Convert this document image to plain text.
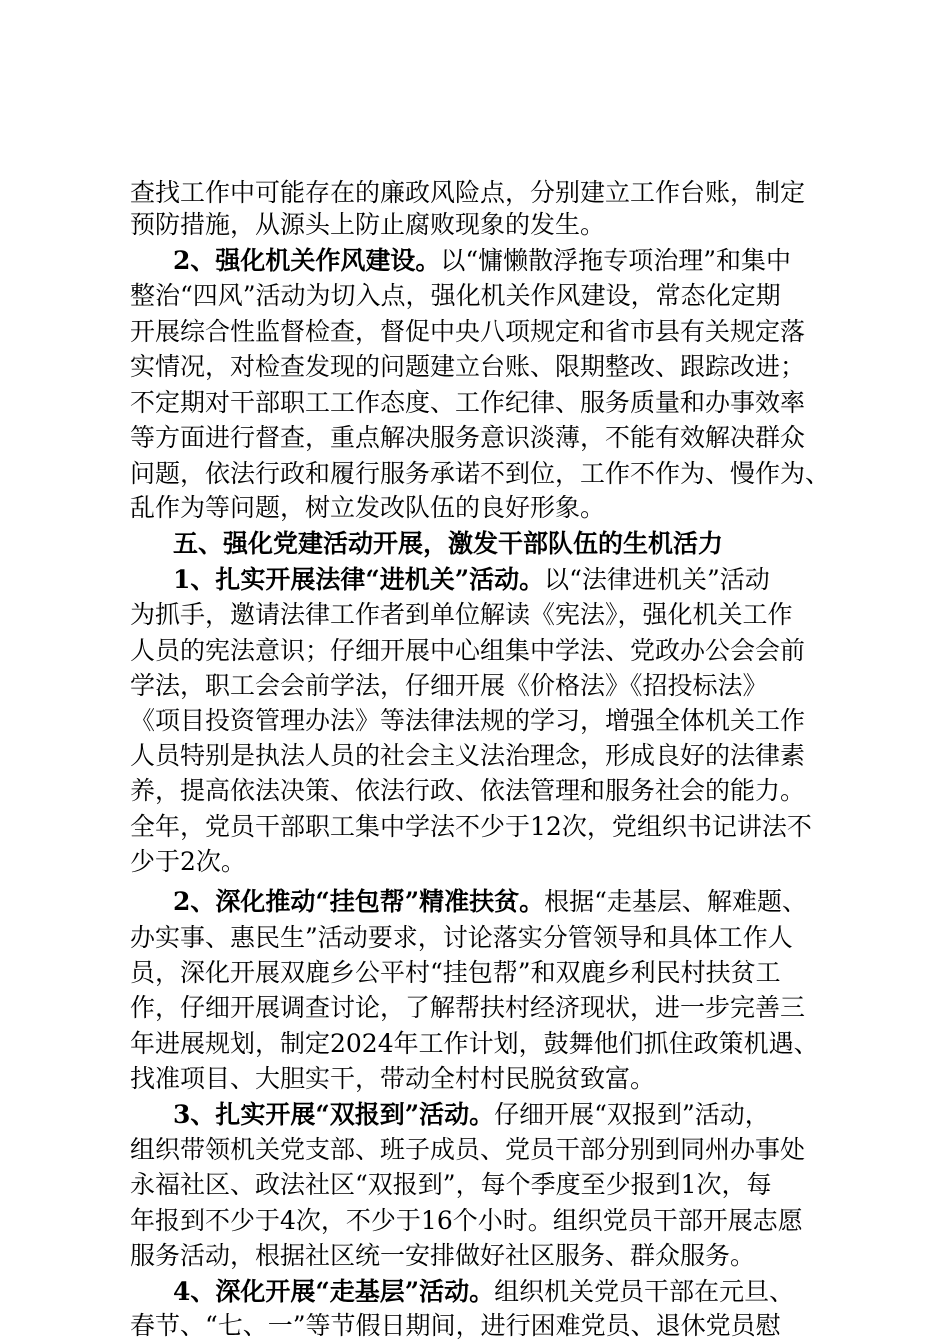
查找工作中可能存在的廉政风险点，分别建立工作台账，制定
预防措施，从源头上防止腐败现象的发生。
2、强化机关作风建设。以“慵懒散浮拖专项治理”和集中
整治“四风”活动为切入点，强化机关作风建设，常态化定期
开展综合性监督检查，督促中央八项规定和省市县有关规定落
实情况，对检查发现的问题建立台账、限期整改、跟踪改进；
不定期对干部职工工作态度、工作纪律、服务质量和办事效率
等方面进行督查，重点解决服务意识淡薄，不能有效解决群众
问题，依法行政和履行服务承诺不到位，工作不作为、慢作为、
乱作为等问题，树立发改队伍的良好形象。
五、强化党建活动开展，激发干部队伍的生机活力
1、扎实开展法律“进机关”活动。以“法律进机关”活动
为抓手，邀请法律工作者到单位解读《宪法》，强化机关工作
人员的宪法意识；仔细开展中心组集中学法、党政办公会会前
学法，职工会会前学法，仔细开展《价格法》《招投标法》
《项目投资管理办法》等法律法规的学习，增强全体机关工作
人员特别是执法人员的社会主义法治理念，形成良好的法律素
养，提高依法决策、依法行政、依法管理和服务社会的能力。
全年，党员干部职工集中学法不少于12次，党组织书记讲法不
少于2次。
2、深化推动“挂包帮”精准扶贫。根据“走基层、解难题、
办实事、惠民生”活动要求，讨论落实分管领导和具体工作人
员，深化开展双鹿乡公平村“挂包帮”和双鹿乡利民村扶贫工
作，仔细开展调查讨论，了解帮扶村经济现状，进一步完善三
年进展规划，制定2024年工作计划，鼓舞他们抓住政策机遇、
找准项目、大胆实干，带动全村村民脱贫致富。
3、扎实开展“双报到”活动。仔细开展“双报到”活动，
组织带领机关党支部、班子成员、党员干部分别到同州办事处
永福社区、政法社区“双报到”，每个季度至少报到1次，每
年报到不少于4次，不少于16个小时。组织党员干部开展志愿
服务活动，根据社区统一安排做好社区服务、群众服务。
4、深化开展“走基层”活动。组织机关党员干部在元旦、
春节、“七、一”等节假日期间，进行困难党员、退休党员慰
